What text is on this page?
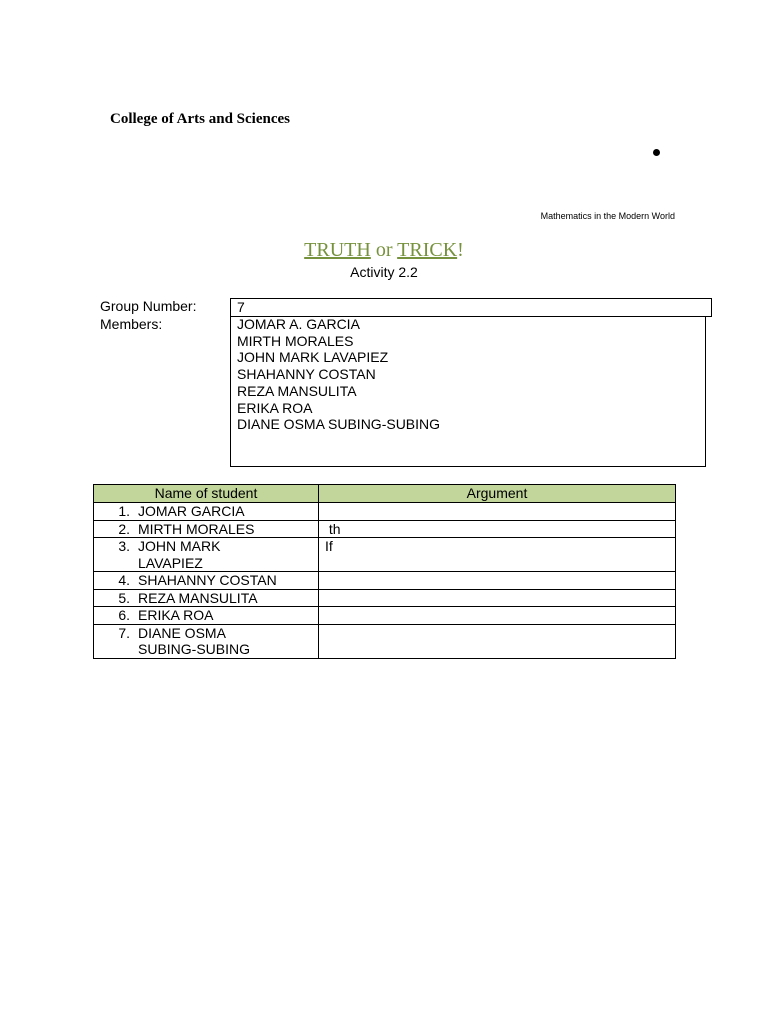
College of Arts and Sciences
Mathematics in the Modern World
TRUTH or TRICK!
Activity 2.2
Group Number:	7
Members:	JOMAR A. GARCIA
MIRTH MORALES
JOHN MARK LAVAPIEZ
SHAHANNY COSTAN
REZA MANSULITA
ERIKA ROA
DIANE OSMA SUBING-SUBING
Name of student	Argument
1. JOMAR GARCIA	
2. MIRTH MORALES	th
3. JOHN MARK LAVAPIEZ	If
4. SHAHANNY COSTAN	
5. REZA MANSULITA	
6. ERIKA ROA	
7. DIANE OSMA SUBING-SUBING	
